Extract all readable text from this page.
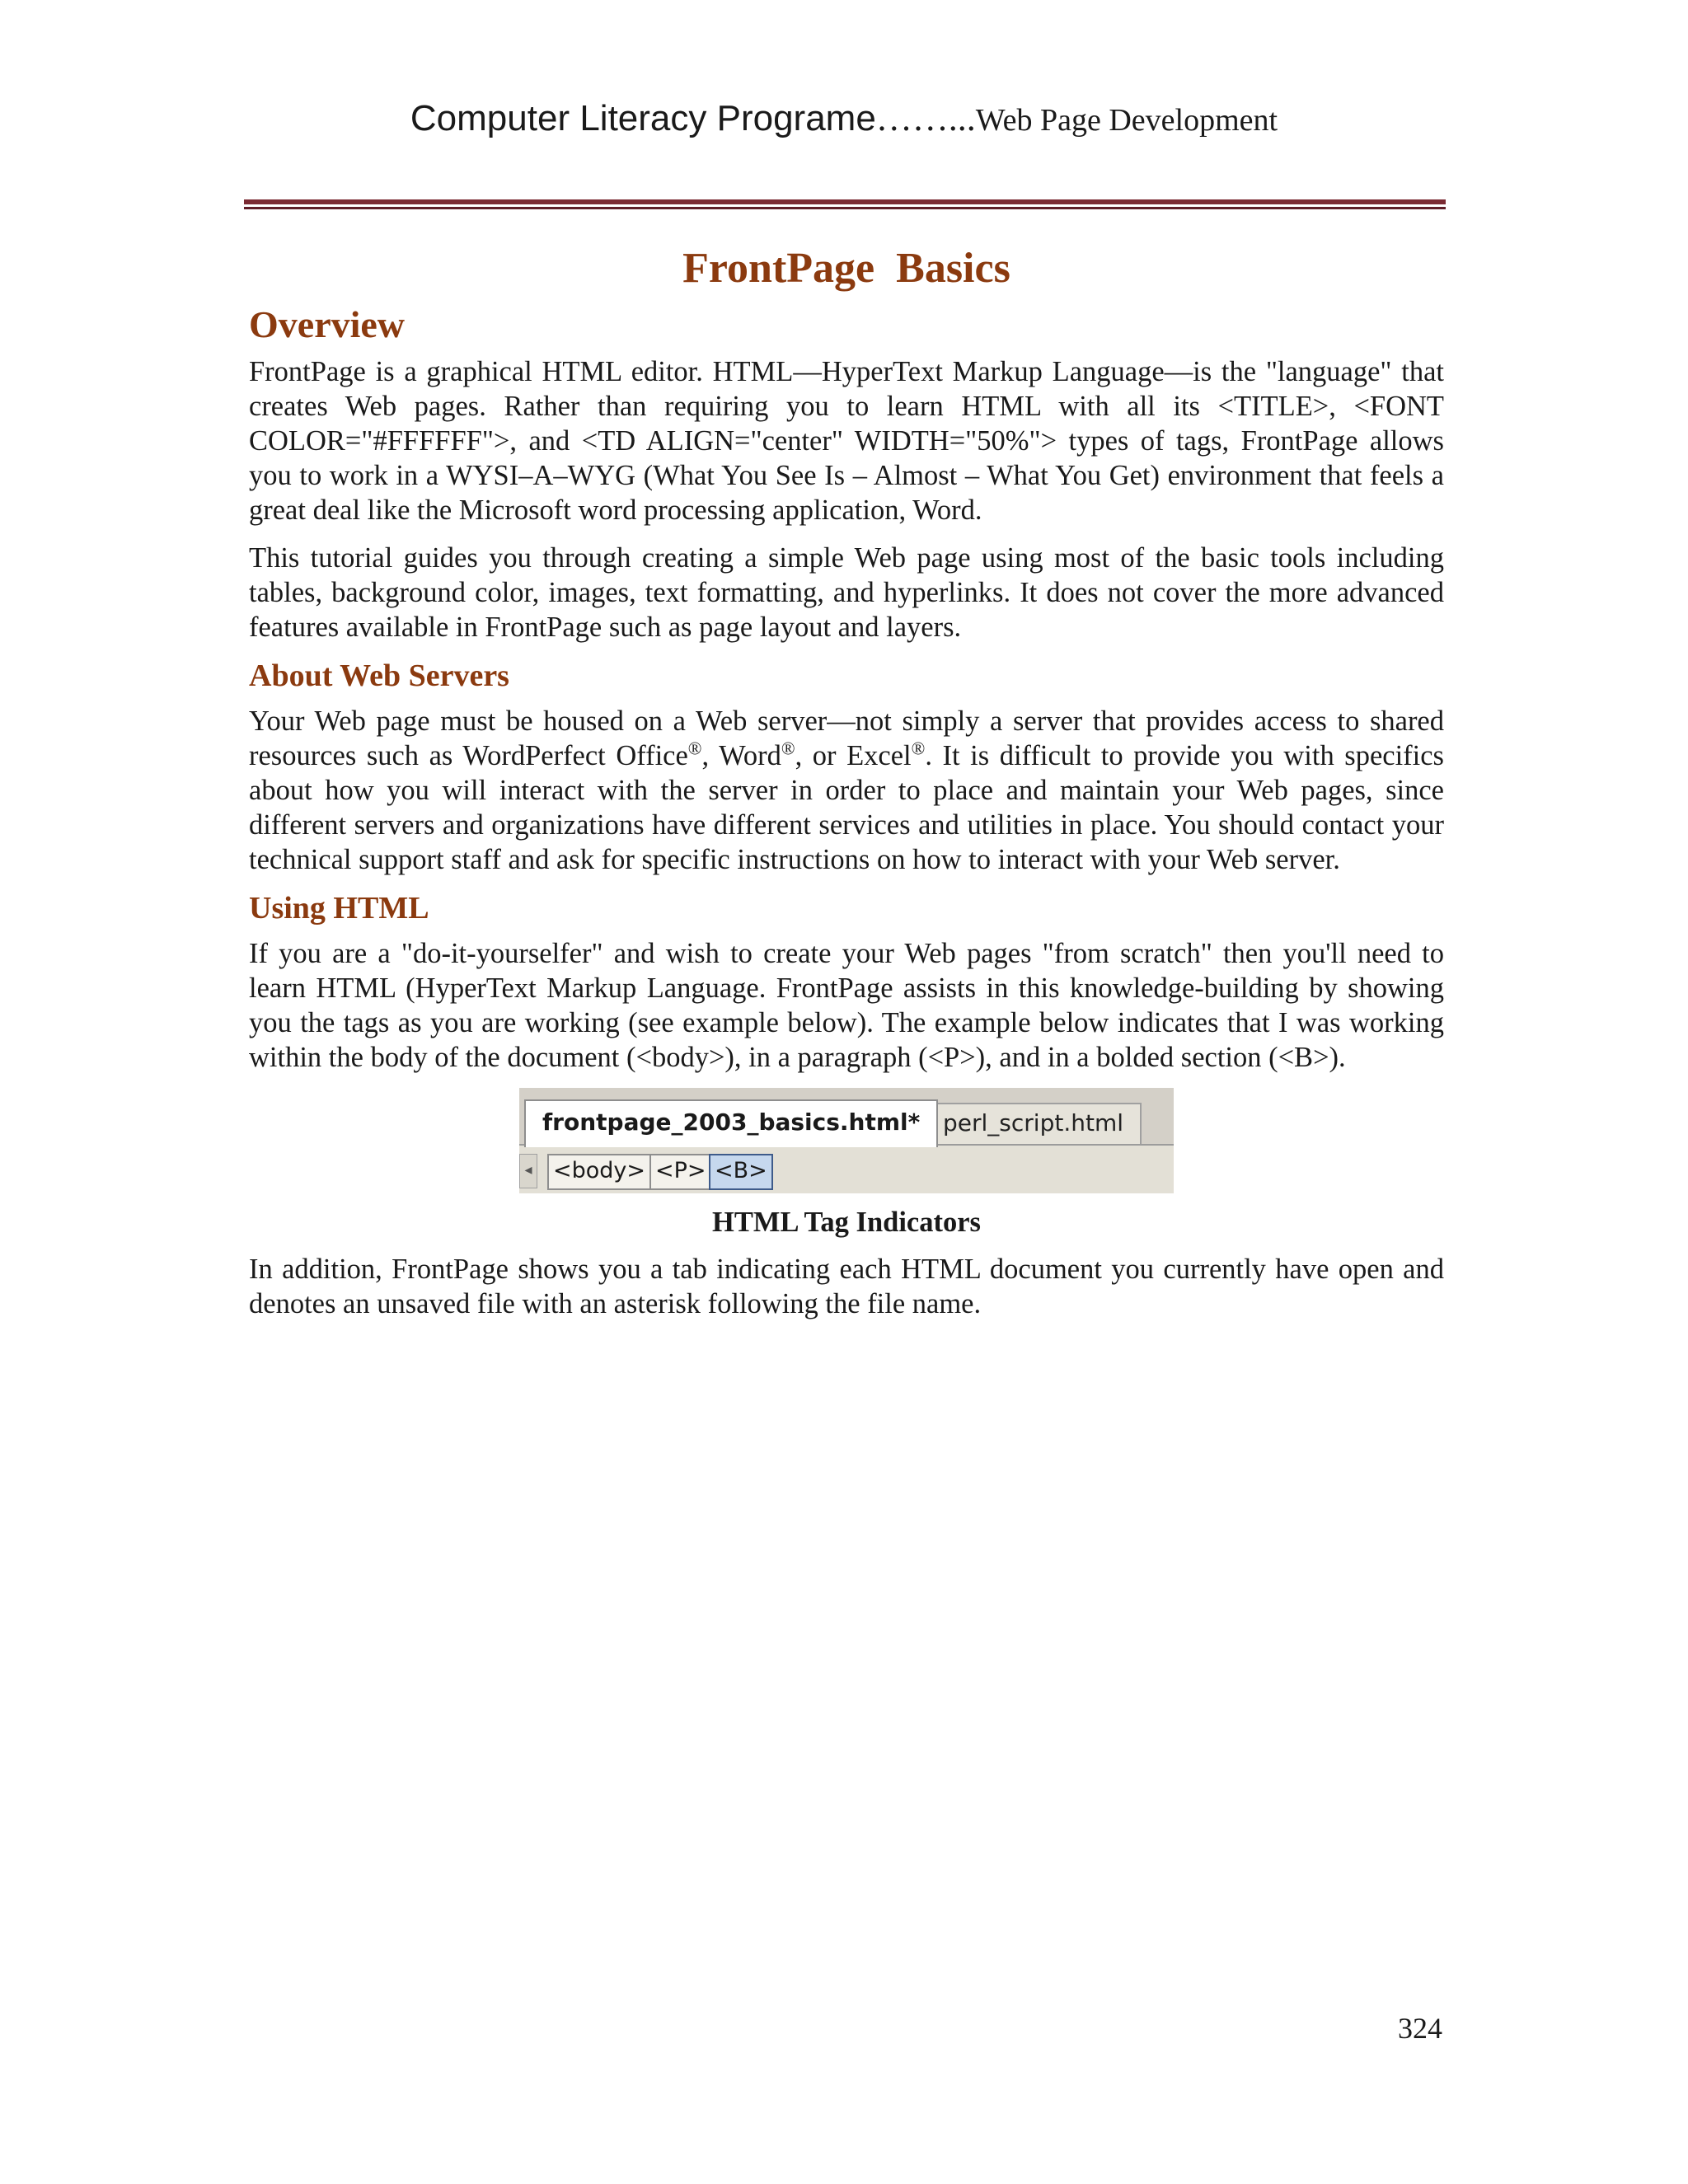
Computer Literacy Programe……...Web Page Development
FrontPage  Basics
Overview

FrontPage is a graphical HTML editor. HTML—HyperText Markup Language—is the "language" that creates Web pages. Rather than requiring you to learn HTML with all its <TITLE>, <FONT COLOR="#FFFFFF">, and <TD ALIGN="center" WIDTH="50%"> types of tags, FrontPage allows you to work in a WYSI–A–WYG (What You See Is – Almost – What You Get) environment that feels a great deal like the Microsoft word processing application, Word.

This tutorial guides you through creating a simple Web page using most of the basic tools including tables, background color, images, text formatting, and hyperlinks. It does not cover the more advanced features available in FrontPage such as page layout and layers.

About Web Servers

Your Web page must be housed on a Web server—not simply a server that provides access to shared resources such as WordPerfect Office®, Word®, or Excel®. It is difficult to provide you with specifics about how you will interact with the server in order to place and maintain your Web pages, since different servers and organizations have different services and utilities in place. You should contact your technical support staff and ask for specific instructions on how to interact with your Web server.

Using HTML

If you are a "do-it-yourselfer" and wish to create your Web pages "from scratch" then you'll need to learn HTML (HyperText Markup Language. FrontPage assists in this knowledge-building by showing you the tags as you are working (see example below). The example below indicates that I was working within the body of the document (<body>), in a paragraph (<P>), and in a bolded section (<B>).

perl_script.html
frontpage_2003_basics.html*
◂ <body> <P> <B>
HTML Tag Indicators

In addition, FrontPage shows you a tab indicating each HTML document you currently have open and denotes an unsaved file with an asterisk following the file name.

324
